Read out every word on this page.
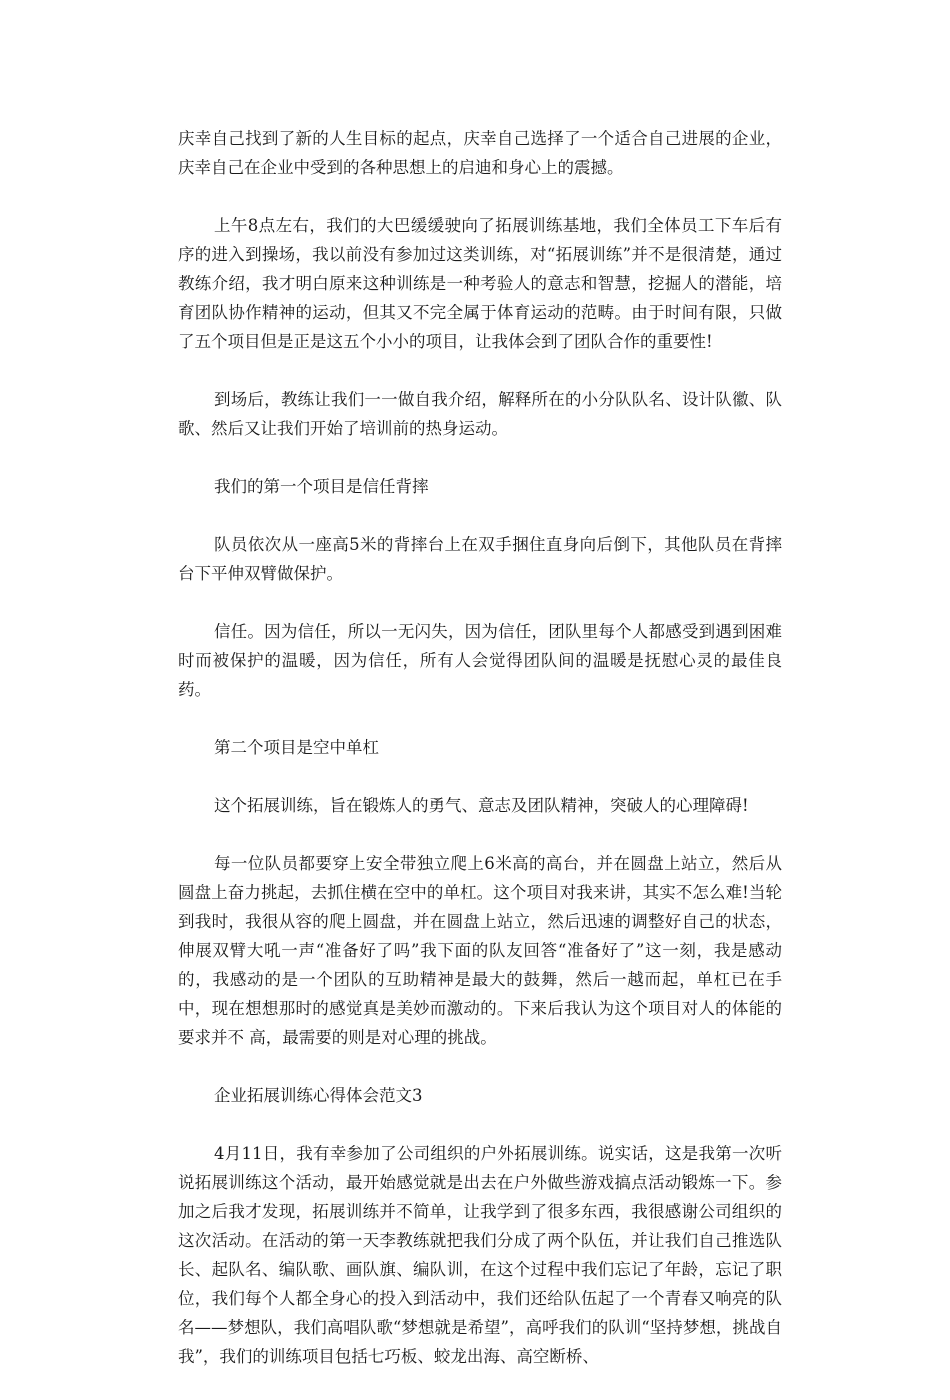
庆幸自己找到了新的人生目标的起点，庆幸自己选择了一个适合自己进展的企业，庆幸自己在企业中受到的各种思想上的启迪和身心上的震撼。

上午8点左右，我们的大巴缓缓驶向了拓展训练基地，我们全体员工下车后有序的进入到操场，我以前没有参加过这类训练，对“拓展训练”并不是很清楚，通过教练介绍，我才明白原来这种训练是一种考验人的意志和智慧，挖掘人的潜能，培育团队协作精神的运动，但其又不完全属于体育运动的范畴。由于时间有限，只做了五个项目但是正是这五个小小的项目，让我体会到了团队合作的重要性!

到场后，教练让我们一一做自我介绍，解释所在的小分队队名、设计队徽、队歌、然后又让我们开始了培训前的热身运动。

我们的第一个项目是信任背摔

队员依次从一座高5米的背摔台上在双手捆住直身向后倒下，其他队员在背摔台下平伸双臂做保护。

信任。因为信任，所以一无闪失，因为信任，团队里每个人都感受到遇到困难时而被保护的温暖，因为信任，所有人会觉得团队间的温暖是抚慰心灵的最佳良药。

第二个项目是空中单杠

这个拓展训练，旨在锻炼人的勇气、意志及团队精神，突破人的心理障碍!

每一位队员都要穿上安全带独立爬上6米高的高台，并在圆盘上站立，然后从圆盘上奋力挑起，去抓住横在空中的单杠。这个项目对我来讲，其实不怎么难!当轮到我时，我很从容的爬上圆盘，并在圆盘上站立，然后迅速的调整好自己的状态，伸展双臂大吼一声“准备好了吗”我下面的队友回答“准备好了”这一刻，我是感动的，我感动的是一个团队的互助精神是最大的鼓舞，然后一越而起，单杠已在手中，现在想想那时的感觉真是美妙而激动的。下来后我认为这个项目对人的体能的要求并不 高，最需要的则是对心理的挑战。

企业拓展训练心得体会范文3

4月11日，我有幸参加了公司组织的户外拓展训练。说实话，这是我第一次听说拓展训练这个活动，最开始感觉就是出去在户外做些游戏搞点活动锻炼一下。参加之后我才发现，拓展训练并不简单，让我学到了很多东西，我很感谢公司组织的这次活动。在活动的第一天李教练就把我们分成了两个队伍，并让我们自己推选队长、起队名、编队歌、画队旗、编队训，在这个过程中我们忘记了年龄，忘记了职位，我们每个人都全身心的投入到活动中，我们还给队伍起了一个青春又响亮的队名——梦想队，我们高唱队歌“梦想就是希望”，高呼我们的队训“坚持梦想，挑战自我”，我们的训练项目包括七巧板、蛟龙出海、高空断桥、
